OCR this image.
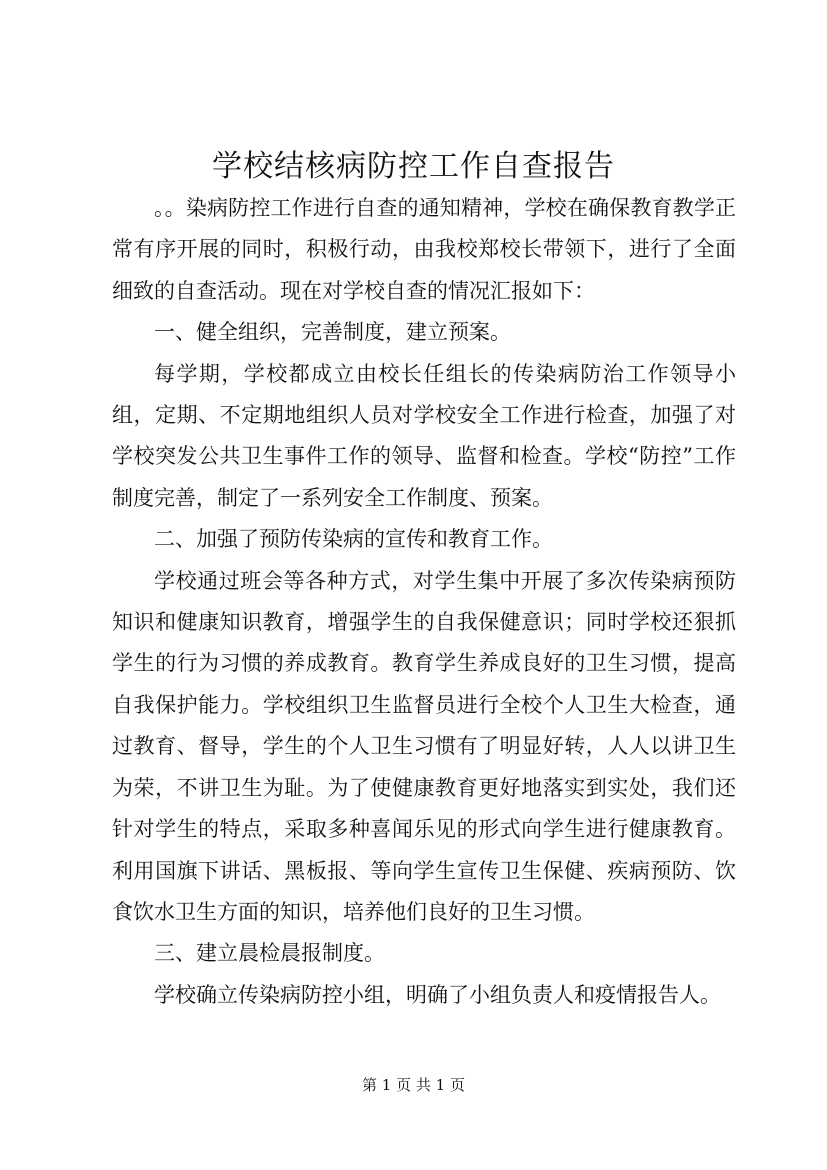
学校结核病防控工作自查报告

。。染病防控工作进行自查的通知精神，学校在确保教育教学正常有序开展的同时，积极行动，由我校郑校长带领下，进行了全面细致的自查活动。现在对学校自查的情况汇报如下：

一、健全组织，完善制度，建立预案。

每学期，学校都成立由校长任组长的传染病防治工作领导小组，定期、不定期地组织人员对学校安全工作进行检查，加强了对学校突发公共卫生事件工作的领导、监督和检查。学校“防控”工作制度完善，制定了一系列安全工作制度、预案。

二、加强了预防传染病的宣传和教育工作。

学校通过班会等各种方式，对学生集中开展了多次传染病预防知识和健康知识教育，增强学生的自我保健意识；同时学校还狠抓学生的行为习惯的养成教育。教育学生养成良好的卫生习惯，提高自我保护能力。学校组织卫生监督员进行全校个人卫生大检查，通过教育、督导，学生的个人卫生习惯有了明显好转，人人以讲卫生为荣，不讲卫生为耻。为了使健康教育更好地落实到实处，我们还针对学生的特点，采取多种喜闻乐见的形式向学生进行健康教育。利用国旗下讲话、黑板报、等向学生宣传卫生保健、疾病预防、饮食饮水卫生方面的知识，培养他们良好的卫生习惯。

三、建立晨检晨报制度。

学校确立传染病防控小组，明确了小组负责人和疫情报告人。

第 1 页 共 1 页
